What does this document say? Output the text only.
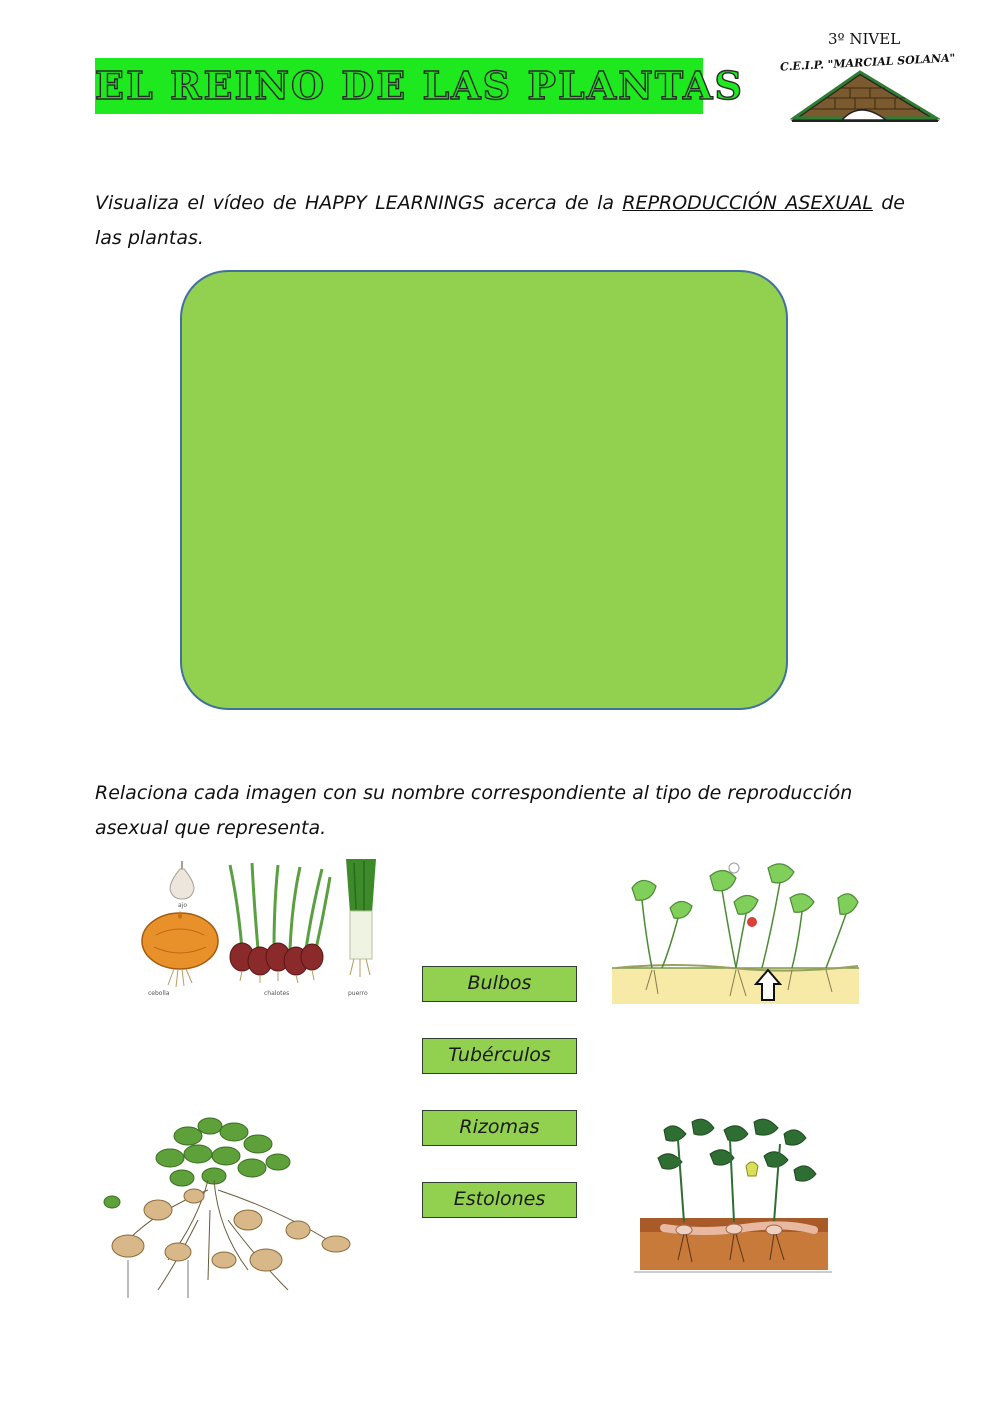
EL REINO DE LAS PLANTAS
3º NIVEL
C.E.I.P. "MARCIAL SOLANA"
Visualiza el vídeo de HAPPY LEARNINGS acerca de la REPRODUCCIÓN ASEXUAL de las plantas.
Relaciona cada imagen con su nombre correspondiente al tipo de reproducción asexual que representa.
ajo
cebolla	chalotes	puerro	Bulbos
Tubérculos
Rizomas
Estolones
